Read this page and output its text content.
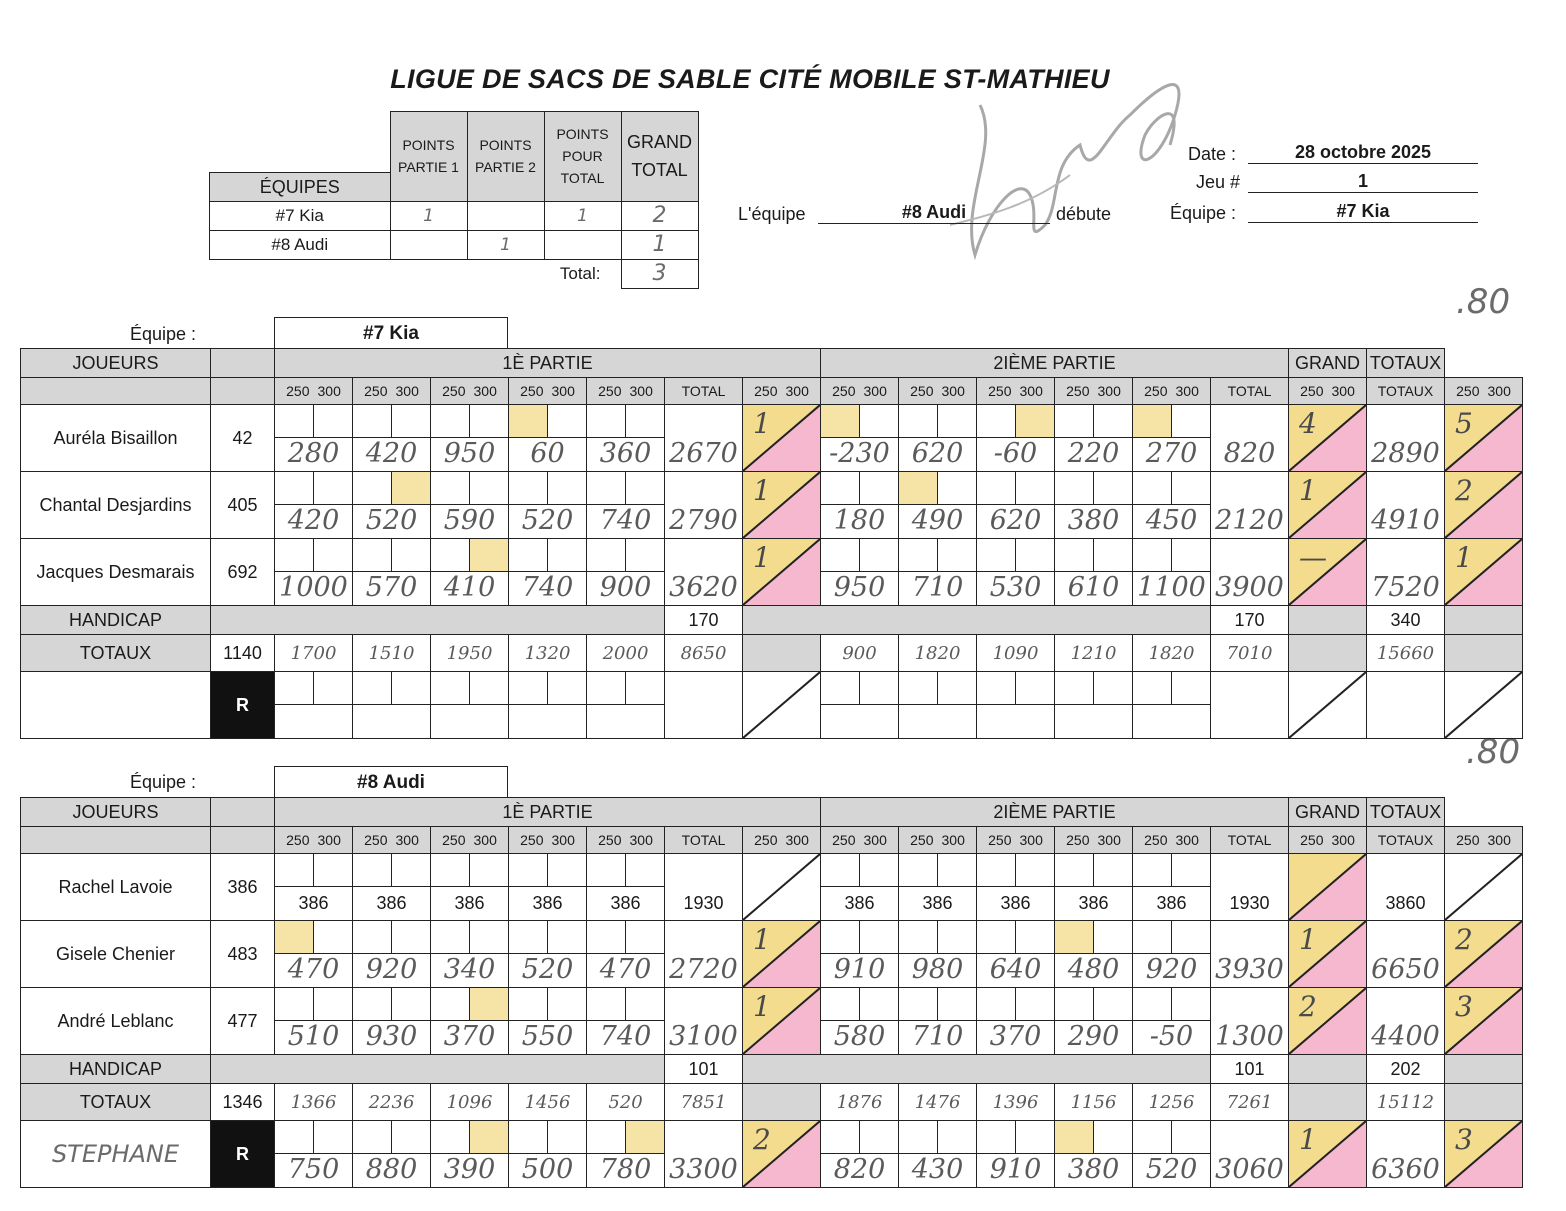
LIGUE DE SACS DE SABLE CITÉ MOBILE ST-MATHIEU
	POINTS PARTIE 1	POINTS PARTIE 2	POINTS POUR TOTAL	GRAND TOTAL
ÉQUIPES				
#7 Kia	1		1	2
#8 Audi		1		1
			Total:	3
L'équipe	#8 Audi	débute
Date :	28 octobre 2025
Jeu #	1
Équipe :	#7 Kia
.80
.80
Équipe :	#7 Kia
JOUEURS		1È PARTIE							2IÈME PARTIE						GRAND	TOTAUX	
		250 300	250 300	250 300	250 300	250 300	TOTAL	250 300	250 300	250 300	250 300	250 300	250 300	TOTAL	250 300	TOTAUX	250 300
Auréla Bisaillon	42	280	420	950	60	360	2670	1	-230	620	-60	220	270	820	4	2890	5

Chantal Desjardins	405	420	520	590	520	740	2790	1	180	490	620	380	450	2120	1	4910	2

Jacques Desmarais	692	1000	570	410	740	900	3620	1	950	710	530	610	1100	3900	—	7520	1

HANDICAP							170							170		340	
TOTAUX	1140	1700	1510	1950	1320	2000	8650		900	1820	1090	1210	1820	7010		15660	
	R	

Équipe :	#8 Audi
JOUEURS		1È PARTIE							2IÈME PARTIE						GRAND	TOTAUX	
		250 300	250 300	250 300	250 300	250 300	TOTAL	250 300	250 300	250 300	250 300	250 300	250 300	TOTAL	250 300	TOTAUX	250 300
Rachel Lavoie	386	386	386	386	386	386	1930		386	386	386	386	386	1930		3860

Gisele Chenier	483	470	920	340	520	470	2720	1	910	980	640	480	920	3930	1	6650	2

André Leblanc	477	510	930	370	550	740	3100	1	580	710	370	290	-50	1300	2	4400	3

HANDICAP							101							101		202	
TOTAUX	1346	1366	2236	1096	1456	520	7851		1876	1476	1396	1156	1256	7261		15112	
STEPHANE	R	750	880	390	500	780	3300	2	820	430	910	380	520	3060	1	6360	3
